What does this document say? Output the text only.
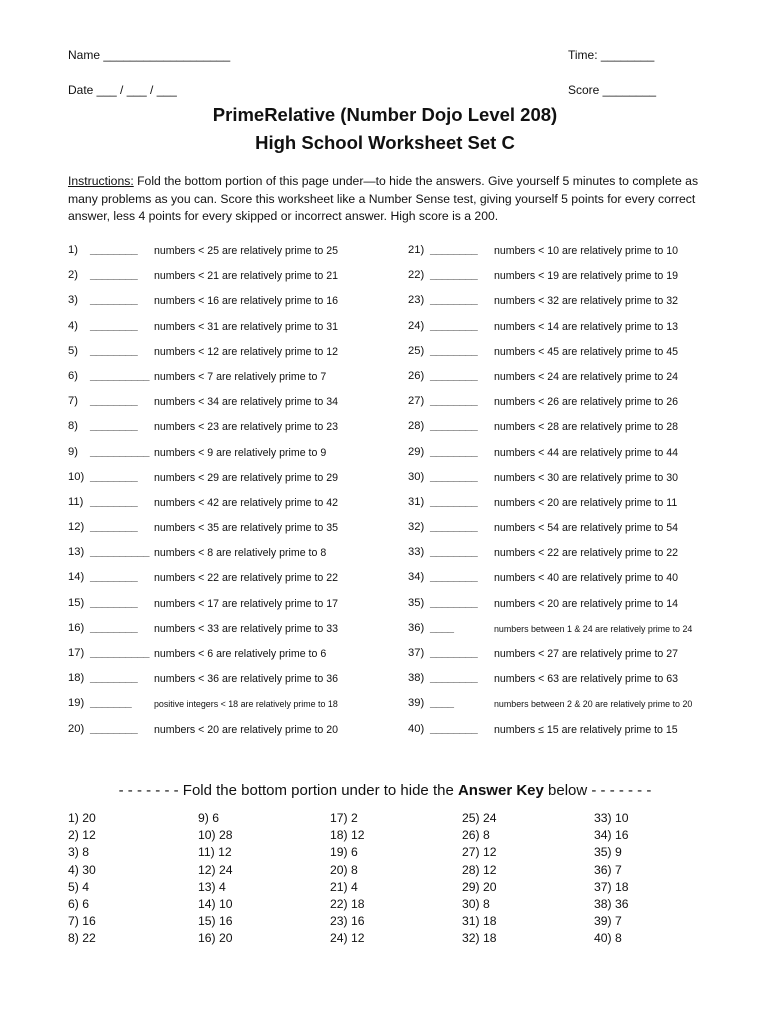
Name ___________________	Time: ________
Date ___ / ___ / ___	Score ________
PrimeRelative (Number Dojo Level 208)
High School Worksheet Set C
Instructions: Fold the bottom portion of this page under—to hide the answers. Give yourself 5 minutes to complete as many problems as you can. Score this worksheet like a Number Sense test, giving yourself 5 points for every correct answer, less 4 points for every skipped or incorrect answer. High score is a 200.
1) ________ numbers < 25 are relatively prime to 25
2) ________ numbers < 21 are relatively prime to 21
3) ________ numbers < 16 are relatively prime to 16
4) ________ numbers < 31 are relatively prime to 31
5) ________ numbers < 12 are relatively prime to 12
6) __________ numbers < 7 are relatively prime to 7
7) ________ numbers < 34 are relatively prime to 34
8) ________ numbers < 23 are relatively prime to 23
9) __________ numbers < 9 are relatively prime to 9
10) ________ numbers < 29 are relatively prime to 29
11) ________ numbers < 42 are relatively prime to 42
12) ________ numbers < 35 are relatively prime to 35
13) __________ numbers < 8 are relatively prime to 8
14) ________ numbers < 22 are relatively prime to 22
15) ________ numbers < 17 are relatively prime to 17
16) ________ numbers < 33 are relatively prime to 33
17) __________ numbers < 6 are relatively prime to 6
18) ________ numbers < 36 are relatively prime to 36
19) _______	positive integers < 18 are relatively prime to 18
20) ________ numbers < 20 are relatively prime to 20
21) ________ numbers < 10 are relatively prime to 10
22) ________ numbers < 19 are relatively prime to 19
23) ________ numbers < 32 are relatively prime to 32
24) ________ numbers < 14 are relatively prime to 13
25) ________ numbers < 45 are relatively prime to 45
26) ________ numbers < 24 are relatively prime to 24
27) ________ numbers < 26 are relatively prime to 26
28) ________ numbers < 28 are relatively prime to 28
29) ________ numbers < 44 are relatively prime to 44
30) ________ numbers < 30 are relatively prime to 30
31) ________ numbers < 20 are relatively prime to 11
32) ________ numbers < 54 are relatively prime to 54
33) ________ numbers < 22 are relatively prime to 22
34) ________ numbers < 40 are relatively prime to 40
35) ________ numbers < 20 are relatively prime to 14
36) ____	numbers between 1 & 24 are relatively prime to 24
37) ________ numbers < 27 are relatively prime to 27
38) ________ numbers < 63 are relatively prime to 63
39) ____	numbers between 2 & 20 are relatively prime to 20
40) ________ numbers ≤ 15 are relatively prime to 15
- - - - - - - Fold the bottom portion under to hide the Answer Key below - - - - - - -
1) 20
2) 12
3) 8
4) 30
5) 4
6) 6
7) 16
8) 22
9) 6
10) 28
11) 12
12) 24
13) 4
14) 10
15) 16
16) 20
17) 2
18) 12
19) 6
20) 8
21) 4
22) 18
23) 16
24) 12
25) 24
26) 8
27) 12
28) 12
29) 20
30) 8
31) 18
32) 18
33) 10
34) 16
35) 9
36) 7
37) 18
38) 36
39) 7
40) 8
